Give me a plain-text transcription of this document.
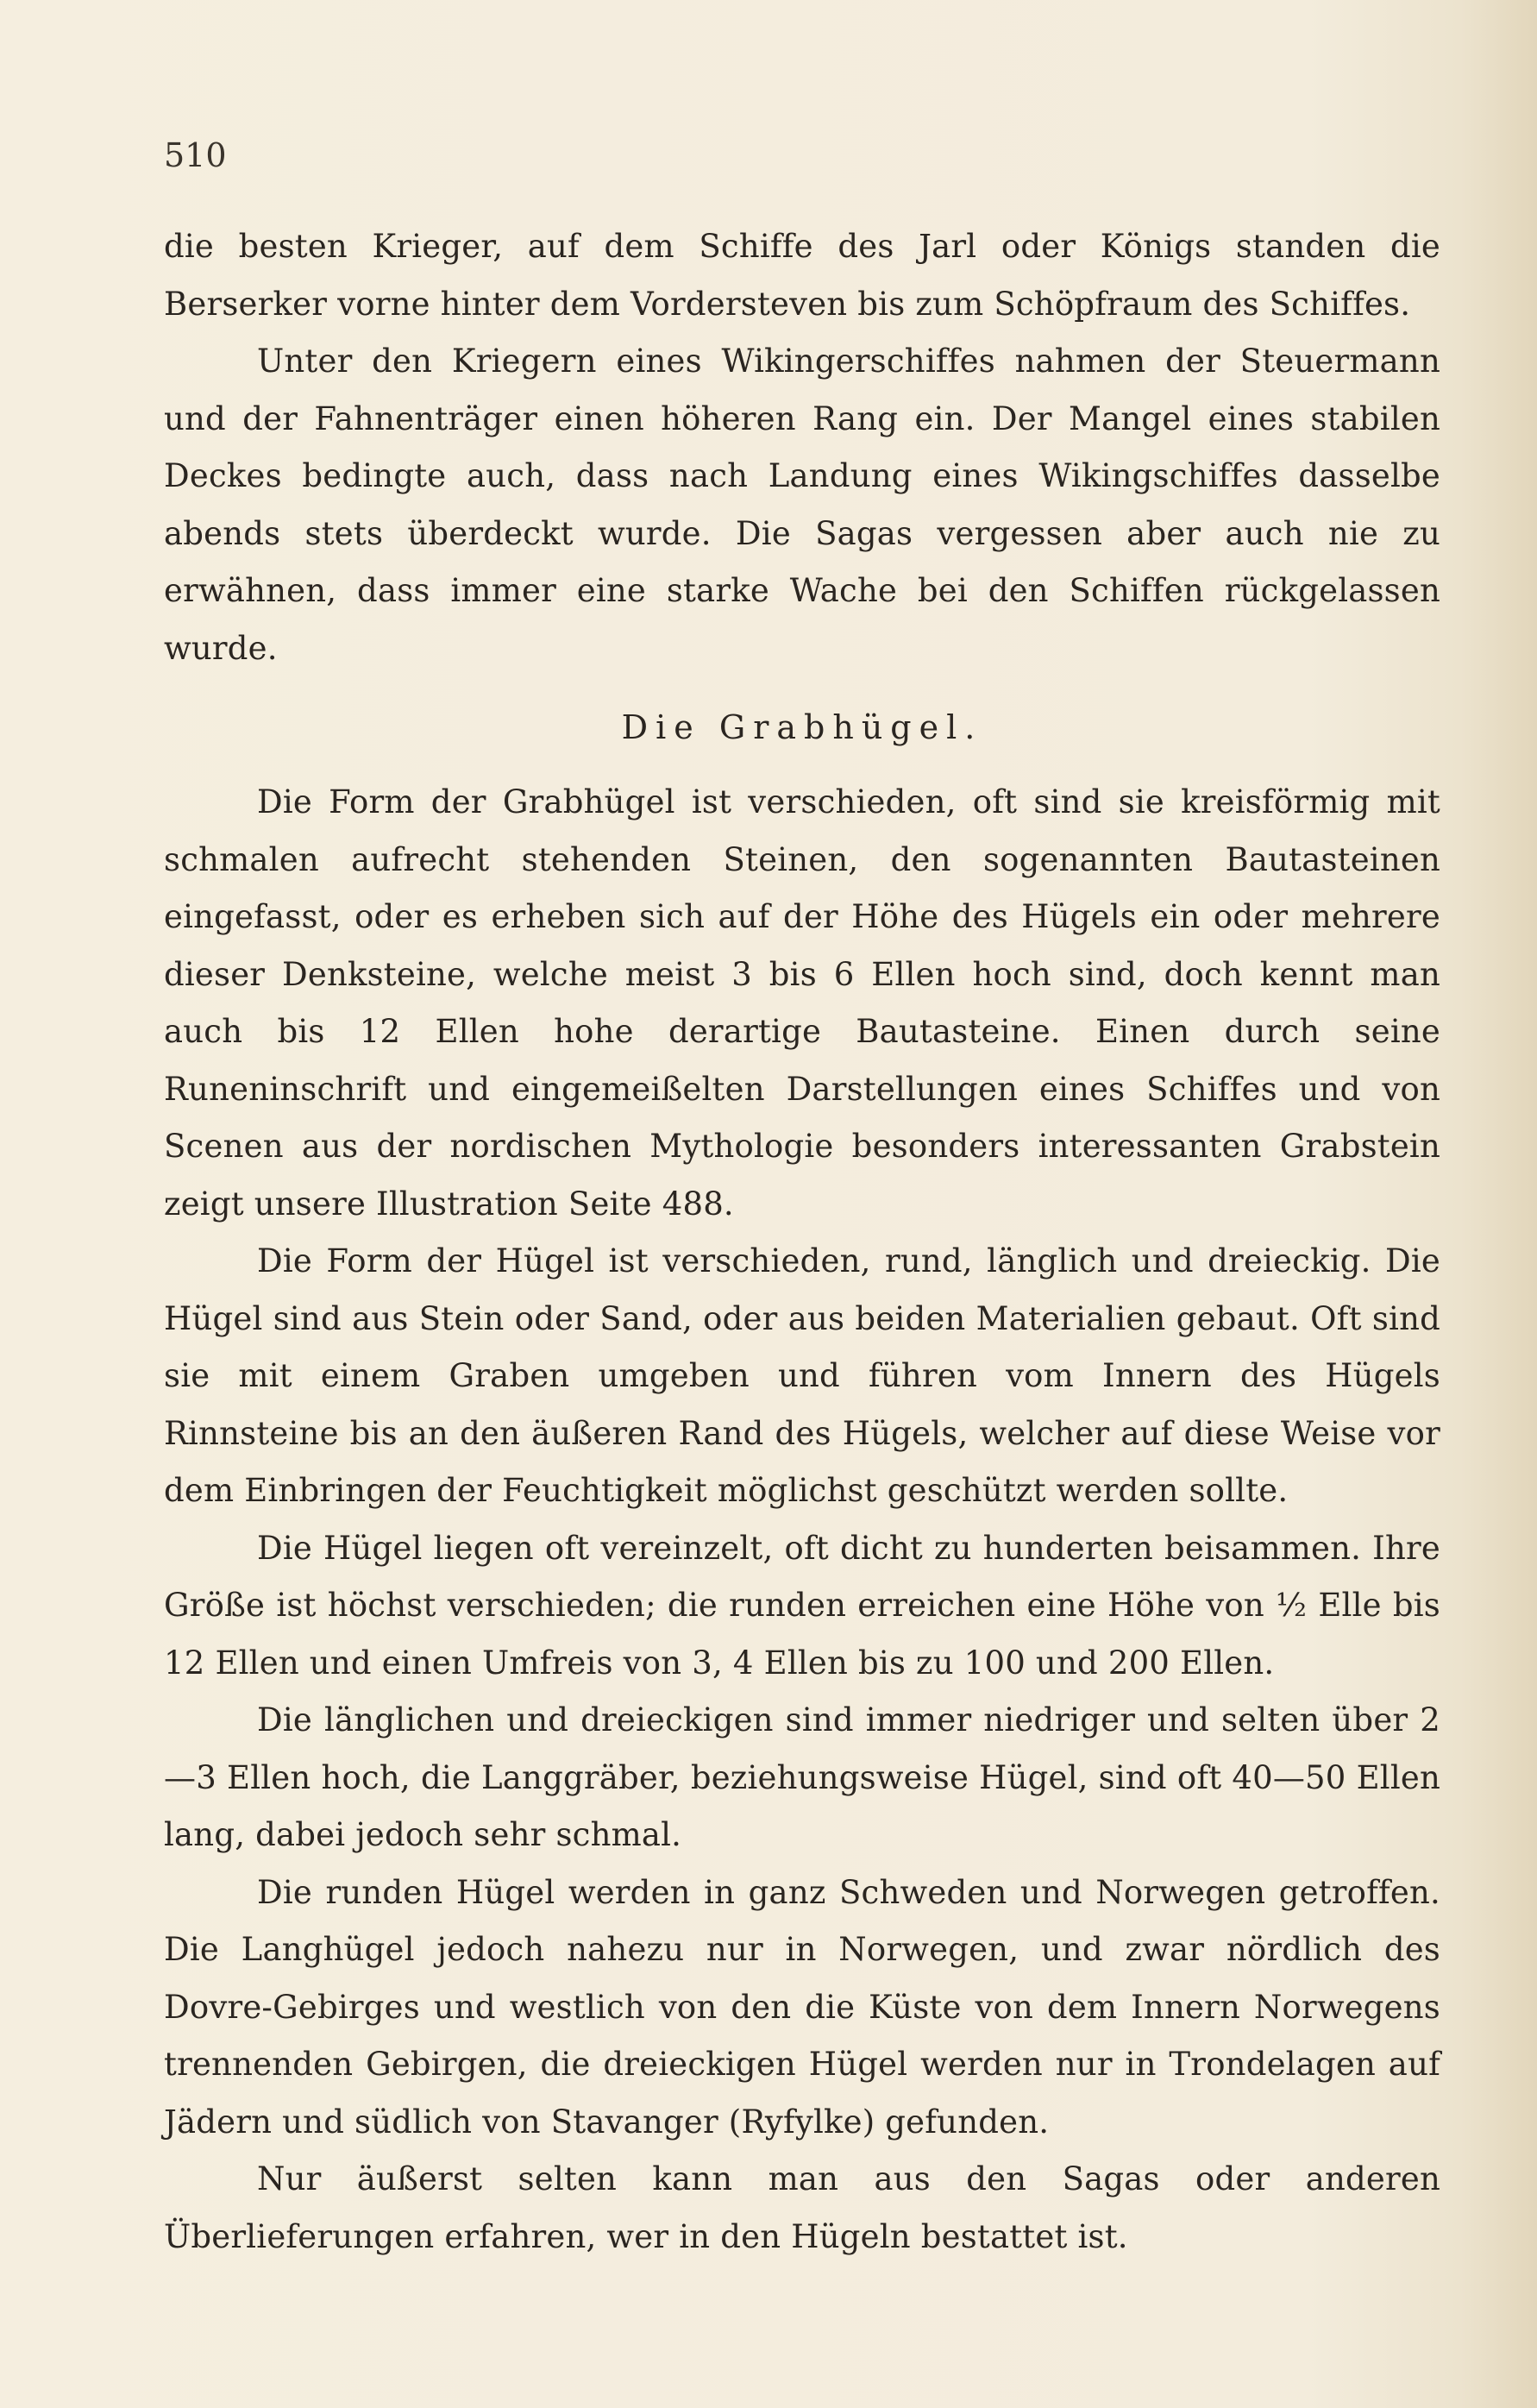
510

die besten Krieger, auf dem Schiffe des Jarl oder Königs standen die Berserker vorne hinter dem Vordersteven bis zum Schöpfraum des Schiffes.

Unter den Kriegern eines Wikingerschiffes nahmen der Steuermann und der Fahnenträger einen höheren Rang ein. Der Mangel eines stabilen Deckes bedingte auch, dass nach Landung eines Wikingschiffes dasselbe abends stets überdeckt wurde. Die Sagas vergessen aber auch nie zu erwähnen, dass immer eine starke Wache bei den Schiffen rückgelassen wurde.

Die Grabhügel.

Die Form der Grabhügel ist verschieden, oft sind sie kreisförmig mit schmalen aufrecht stehenden Steinen, den sogenannten Bautasteinen eingefasst, oder es erheben sich auf der Höhe des Hügels ein oder mehrere dieser Denksteine, welche meist 3 bis 6 Ellen hoch sind, doch kennt man auch bis 12 Ellen hohe derartige Bautasteine. Einen durch seine Runeninschrift und eingemeißelten Darstellungen eines Schiffes und von Scenen aus der nordischen Mythologie besonders interessanten Grabstein zeigt unsere Illustration Seite 488.

Die Form der Hügel ist verschieden, rund, länglich und dreieckig. Die Hügel sind aus Stein oder Sand, oder aus beiden Materialien gebaut. Oft sind sie mit einem Graben umgeben und führen vom Innern des Hügels Rinnsteine bis an den äußeren Rand des Hügels, welcher auf diese Weise vor dem Einbringen der Feuchtigkeit möglichst geschützt werden sollte.

Die Hügel liegen oft vereinzelt, oft dicht zu hunderten beisammen. Ihre Größe ist höchst verschieden; die runden erreichen eine Höhe von ½ Elle bis 12 Ellen und einen Umfreis von 3, 4 Ellen bis zu 100 und 200 Ellen.

Die länglichen und dreieckigen sind immer niedriger und selten über 2—3 Ellen hoch, die Langgräber, beziehungsweise Hügel, sind oft 40—50 Ellen lang, dabei jedoch sehr schmal.

Die runden Hügel werden in ganz Schweden und Norwegen getroffen. Die Langhügel jedoch nahezu nur in Norwegen, und zwar nördlich des Dovre-Gebirges und westlich von den die Küste von dem Innern Norwegens trennenden Gebirgen, die dreieckigen Hügel werden nur in Trondelagen auf Jädern und südlich von Stavanger (Ryfylke) gefunden.

Nur äußerst selten kann man aus den Sagas oder anderen Überlieferungen erfahren, wer in den Hügeln bestattet ist.
